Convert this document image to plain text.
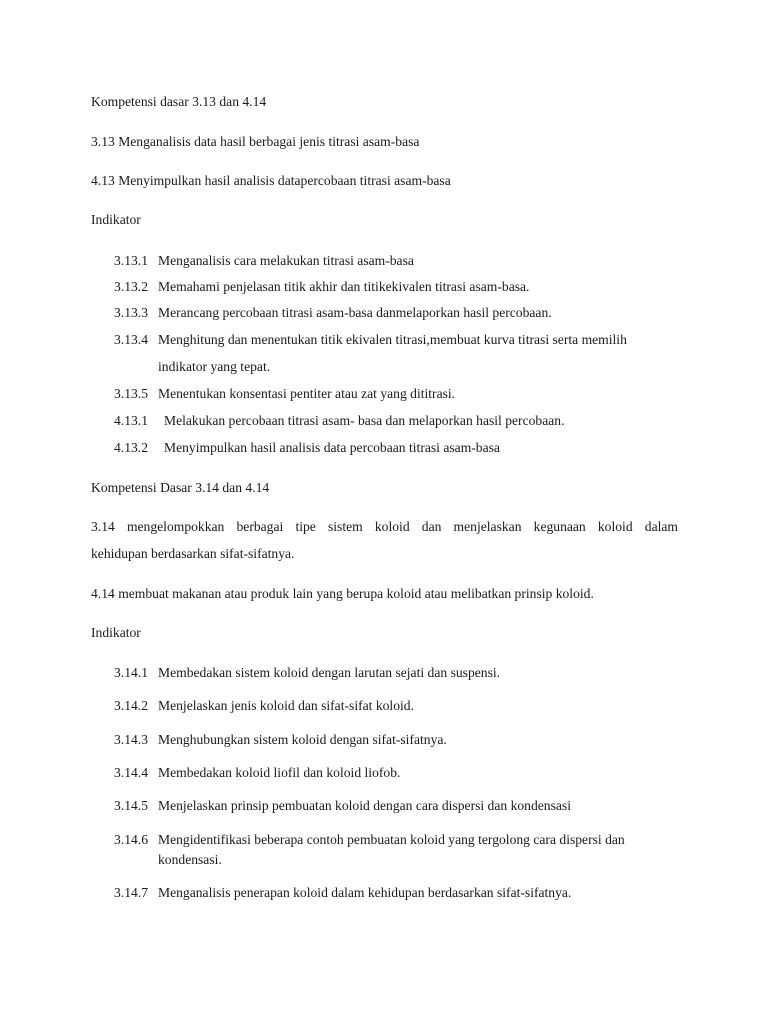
Kompetensi dasar 3.13 dan 4.14
3.13 Menganalisis data hasil berbagai jenis titrasi asam-basa
4.13 Menyimpulkan hasil analisis datapercobaan titrasi asam-basa
Indikator
3.13.1 Menganalisis cara melakukan titrasi asam-basa
3.13.2 Memahami penjelasan titik akhir dan titikekivalen titrasi asam-basa.
3.13.3 Merancang percobaan titrasi asam-basa danmelaporkan hasil percobaan.
3.13.4 Menghitung dan menentukan titik ekivalen titrasi,membuat kurva titrasi serta memilih
indikator yang tepat.
3.13.5 Menentukan konsentasi pentiter atau zat yang dititrasi.
4.13.1 Melakukan percobaan titrasi asam- basa dan melaporkan hasil percobaan.
4.13.2 Menyimpulkan hasil analisis data percobaan titrasi asam-basa
Kompetensi Dasar 3.14 dan 4.14
3.14 mengelompokkan berbagai tipe sistem koloid dan menjelaskan kegunaan koloid dalam
kehidupan berdasarkan sifat-sifatnya.
4.14 membuat makanan atau produk lain yang berupa koloid atau melibatkan prinsip koloid.
Indikator
3.14.1 Membedakan sistem koloid dengan larutan sejati dan suspensi.
3.14.2 Menjelaskan jenis koloid dan sifat-sifat koloid.
3.14.3 Menghubungkan sistem koloid dengan sifat-sifatnya.
3.14.4 Membedakan koloid liofil dan koloid liofob.
3.14.5 Menjelaskan prinsip pembuatan koloid dengan cara dispersi dan kondensasi
3.14.6 Mengidentifikasi beberapa contoh pembuatan koloid yang tergolong cara dispersi dan
kondensasi.
3.14.7 Menganalisis penerapan koloid dalam kehidupan berdasarkan sifat-sifatnya.
